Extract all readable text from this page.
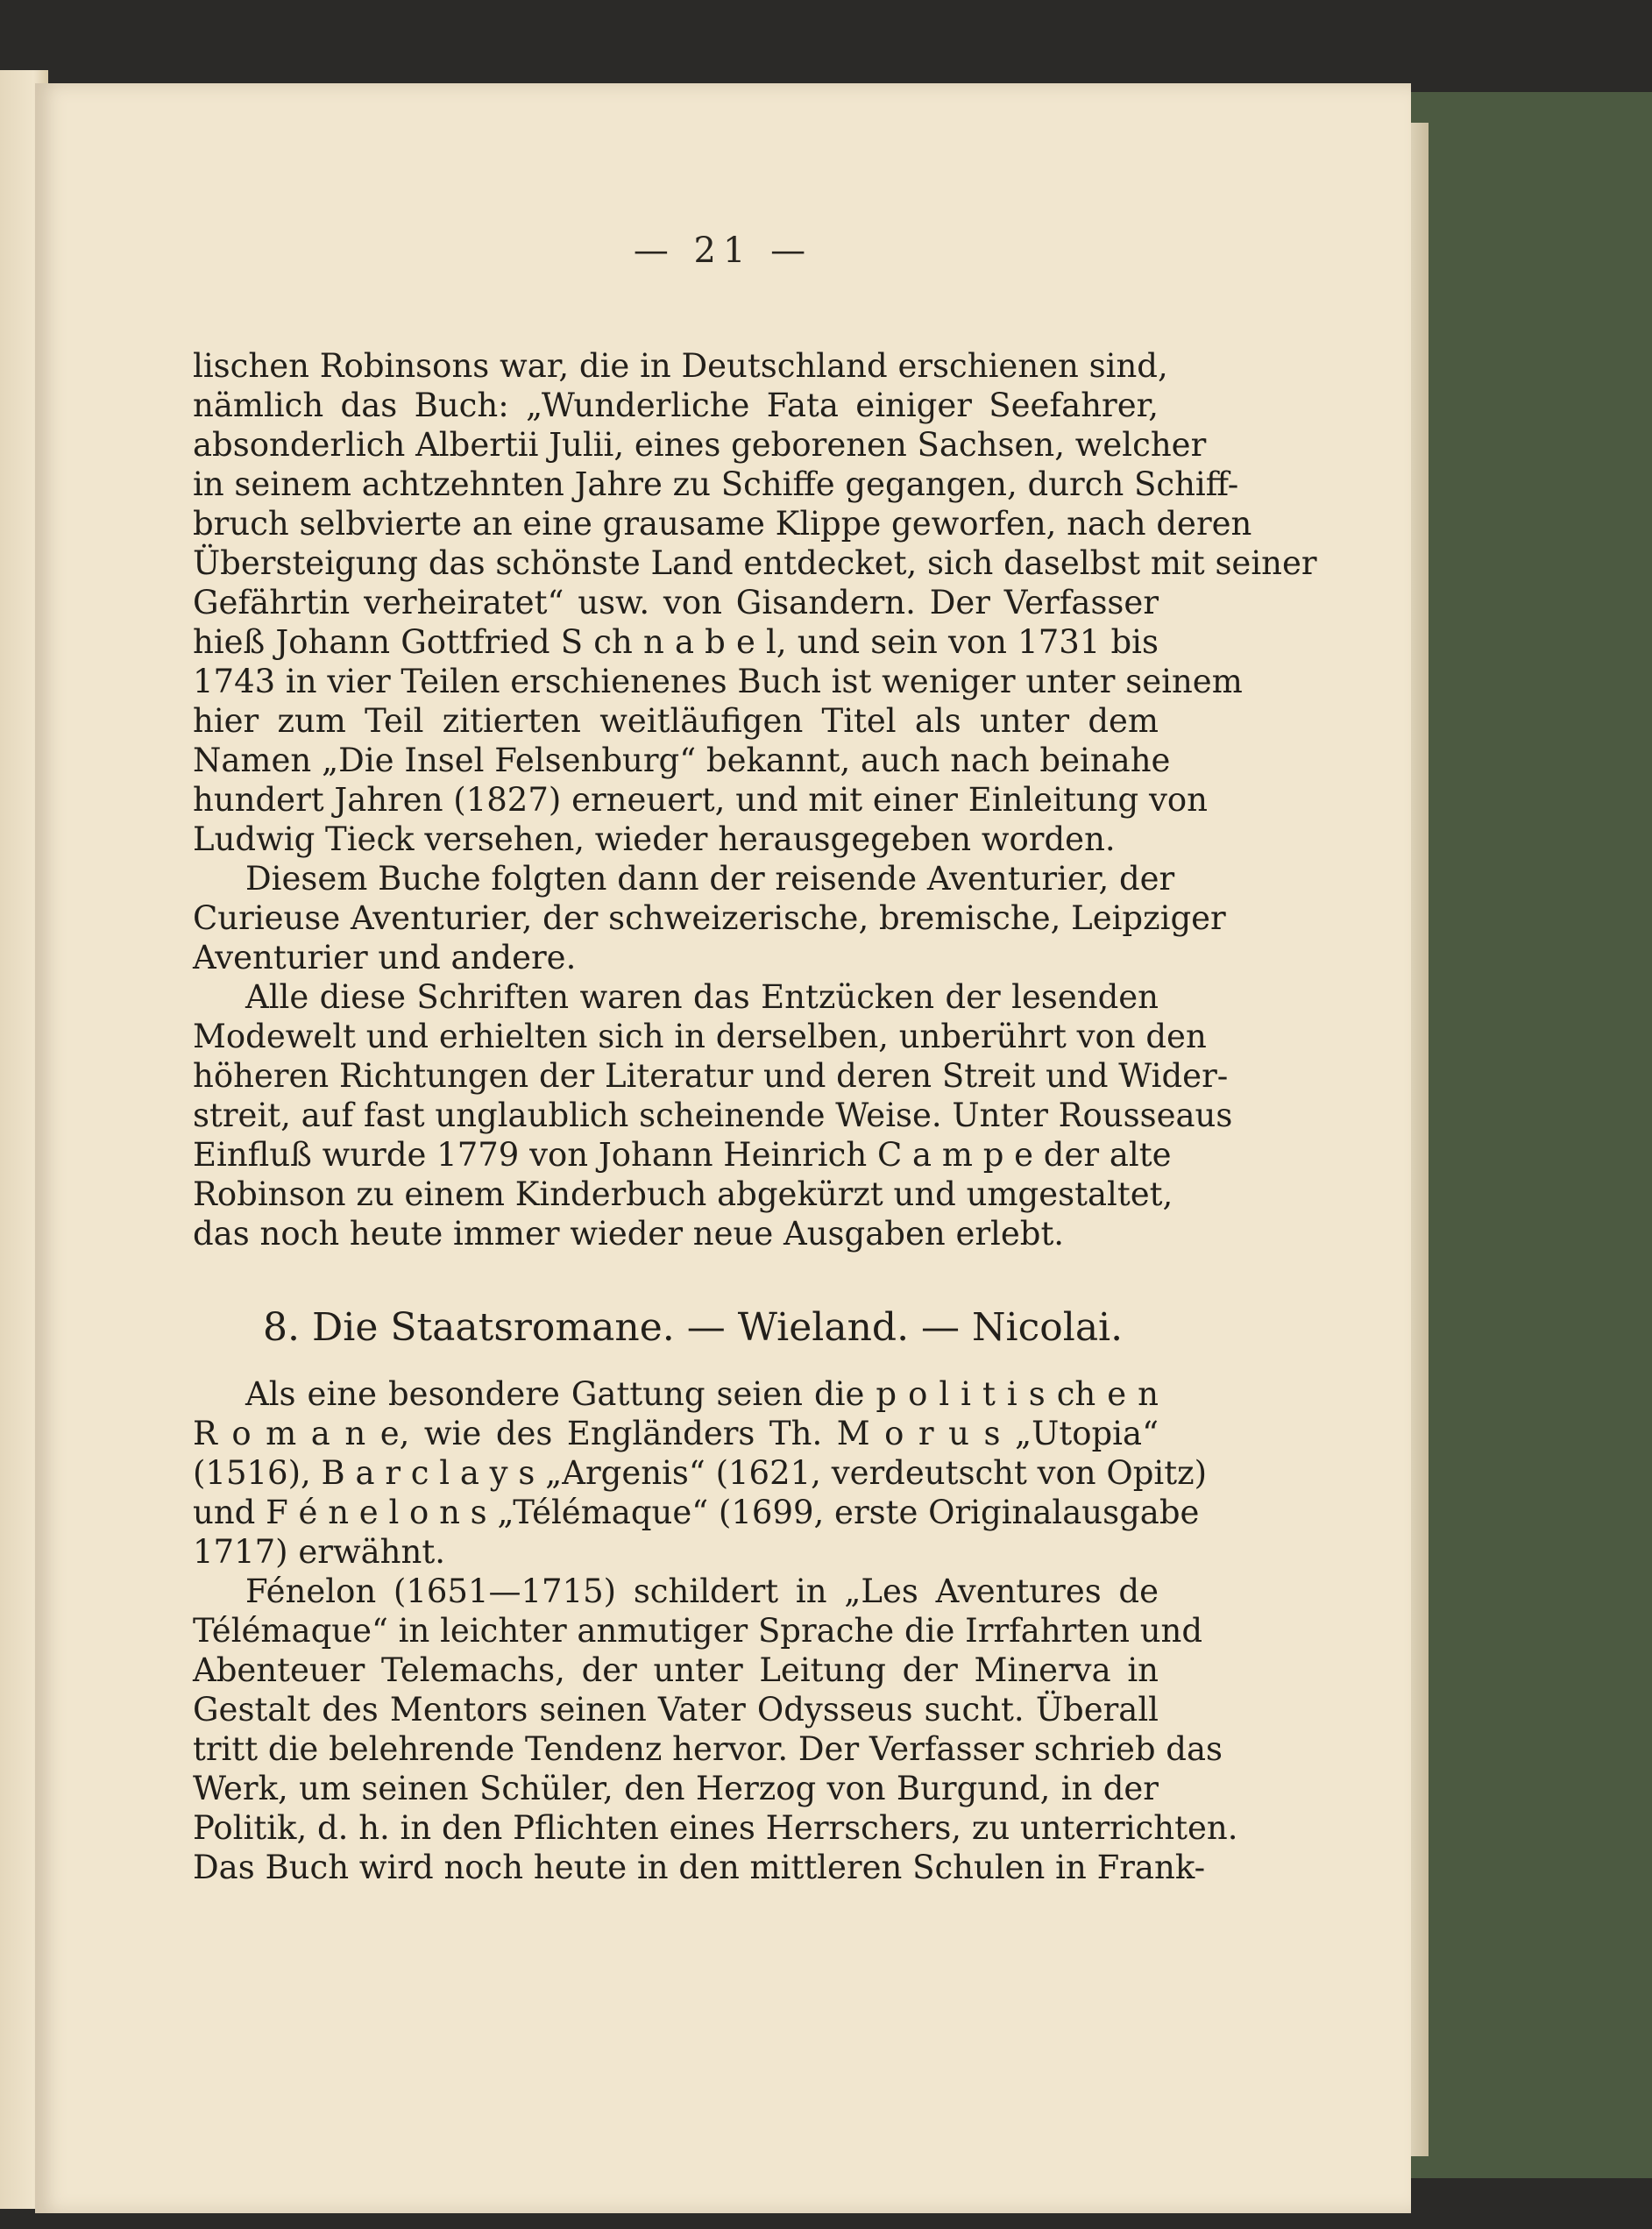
— 21 —
lischen Robinsons war, die in Deutschland erschienen sind,
nämlich das Buch: „Wunderliche Fata einiger Seefahrer,
absonderlich Albertii Julii, eines geborenen Sachsen, welcher
in seinem achtzehnten Jahre zu Schiffe gegangen, durch Schiff-
bruch selbvierte an eine grausame Klippe geworfen, nach deren
Übersteigung das schönste Land entdecket, sich daselbst mit seiner
Gefährtin verheiratet“ usw. von Gisandern. Der Verfasser
hieß Johann Gottfried S ch n a b e l, und sein von 1731 bis
1743 in vier Teilen erschienenes Buch ist weniger unter seinem
hier zum Teil zitierten weitläufigen Titel als unter dem
Namen „Die Insel Felsenburg“ bekannt, auch nach beinahe
hundert Jahren (1827) erneuert, und mit einer Einleitung von
Ludwig Tieck versehen, wieder herausgegeben worden.
Diesem Buche folgten dann der reisende Aventurier, der
Curieuse Aventurier, der schweizerische, bremische, Leipziger
Aventurier und andere.
Alle diese Schriften waren das Entzücken der lesenden
Modewelt und erhielten sich in derselben, unberührt von den
höheren Richtungen der Literatur und deren Streit und Wider-
streit, auf fast unglaublich scheinende Weise. Unter Rousseaus
Einfluß wurde 1779 von Johann Heinrich C a m p e der alte
Robinson zu einem Kinderbuch abgekürzt und umgestaltet,
das noch heute immer wieder neue Ausgaben erlebt.
8. Die Staatsromane. — Wieland. — Nicolai.
Als eine besondere Gattung seien die p o l i t i s ch e n
R o m a n e, wie des Engländers Th. M o r u s „Utopia“
(1516), B a r c l a y s „Argenis“ (1621, verdeutscht von Opitz)
und F é n e l o n s „Télémaque“ (1699, erste Originalausgabe
1717) erwähnt.
Fénelon (1651—1715) schildert in „Les Aventures de
Télémaque“ in leichter anmutiger Sprache die Irrfahrten und
Abenteuer Telemachs, der unter Leitung der Minerva in
Gestalt des Mentors seinen Vater Odysseus sucht. Überall
tritt die belehrende Tendenz hervor. Der Verfasser schrieb das
Werk, um seinen Schüler, den Herzog von Burgund, in der
Politik, d. h. in den Pflichten eines Herrschers, zu unterrichten.
Das Buch wird noch heute in den mittleren Schulen in Frank-
